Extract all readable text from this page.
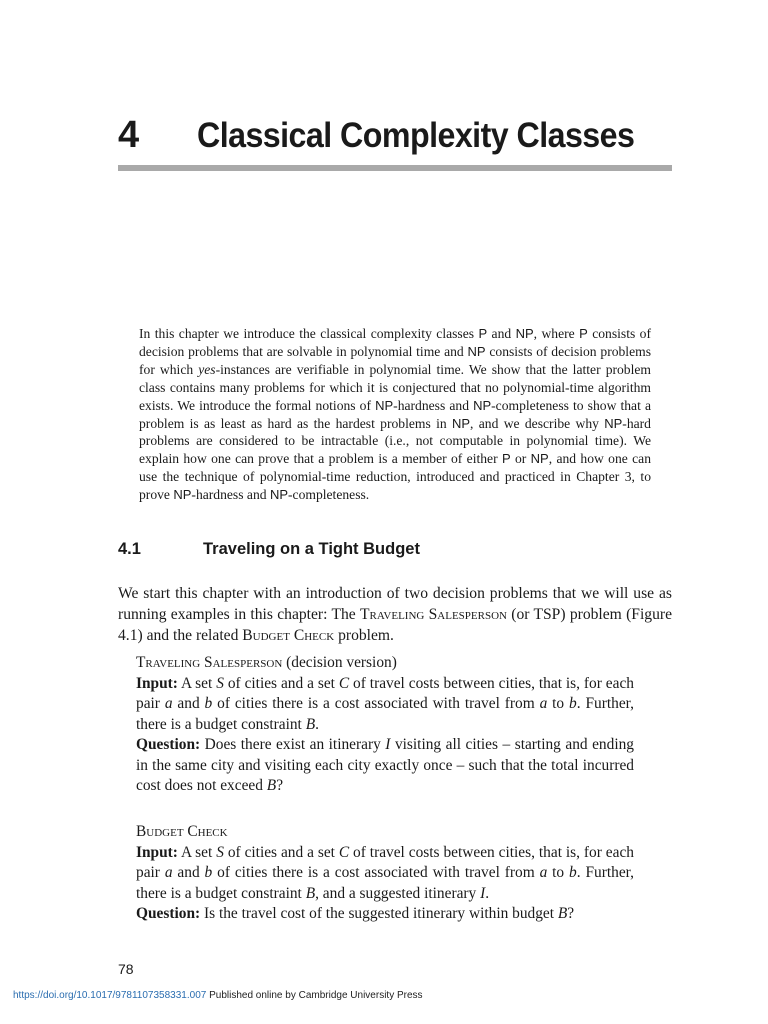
4	Classical Complexity Classes
In this chapter we introduce the classical complexity classes P and NP, where P consists of decision problems that are solvable in polynomial time and NP consists of decision problems for which yes-instances are verifiable in polynomial time. We show that the latter problem class contains many problems for which it is conjectured that no polynomial-time algorithm exists. We introduce the formal notions of NP-hardness and NP-completeness to show that a problem is as least as hard as the hardest problems in NP, and we describe why NP-hard problems are considered to be intractable (i.e., not computable in polynomial time). We explain how one can prove that a problem is a member of either P or NP, and how one can use the technique of polynomial-time reduction, introduced and practiced in Chapter 3, to prove NP-hardness and NP-completeness.
4.1	Traveling on a Tight Budget
We start this chapter with an introduction of two decision problems that we will use as running examples in this chapter: The Traveling Salesperson (or TSP) problem (Figure 4.1) and the related Budget Check problem.
Traveling Salesperson (decision version)
Input: A set S of cities and a set C of travel costs between cities, that is, for each pair a and b of cities there is a cost associated with travel from a to b. Further, there is a budget constraint B.
Question: Does there exist an itinerary I visiting all cities – starting and ending in the same city and visiting each city exactly once – such that the total incurred cost does not exceed B?
Budget Check
Input: A set S of cities and a set C of travel costs between cities, that is, for each pair a and b of cities there is a cost associated with travel from a to b. Further, there is a budget constraint B, and a suggested itinerary I.
Question: Is the travel cost of the suggested itinerary within budget B?
78
https://doi.org/10.1017/9781107358331.007 Published online by Cambridge University Press
